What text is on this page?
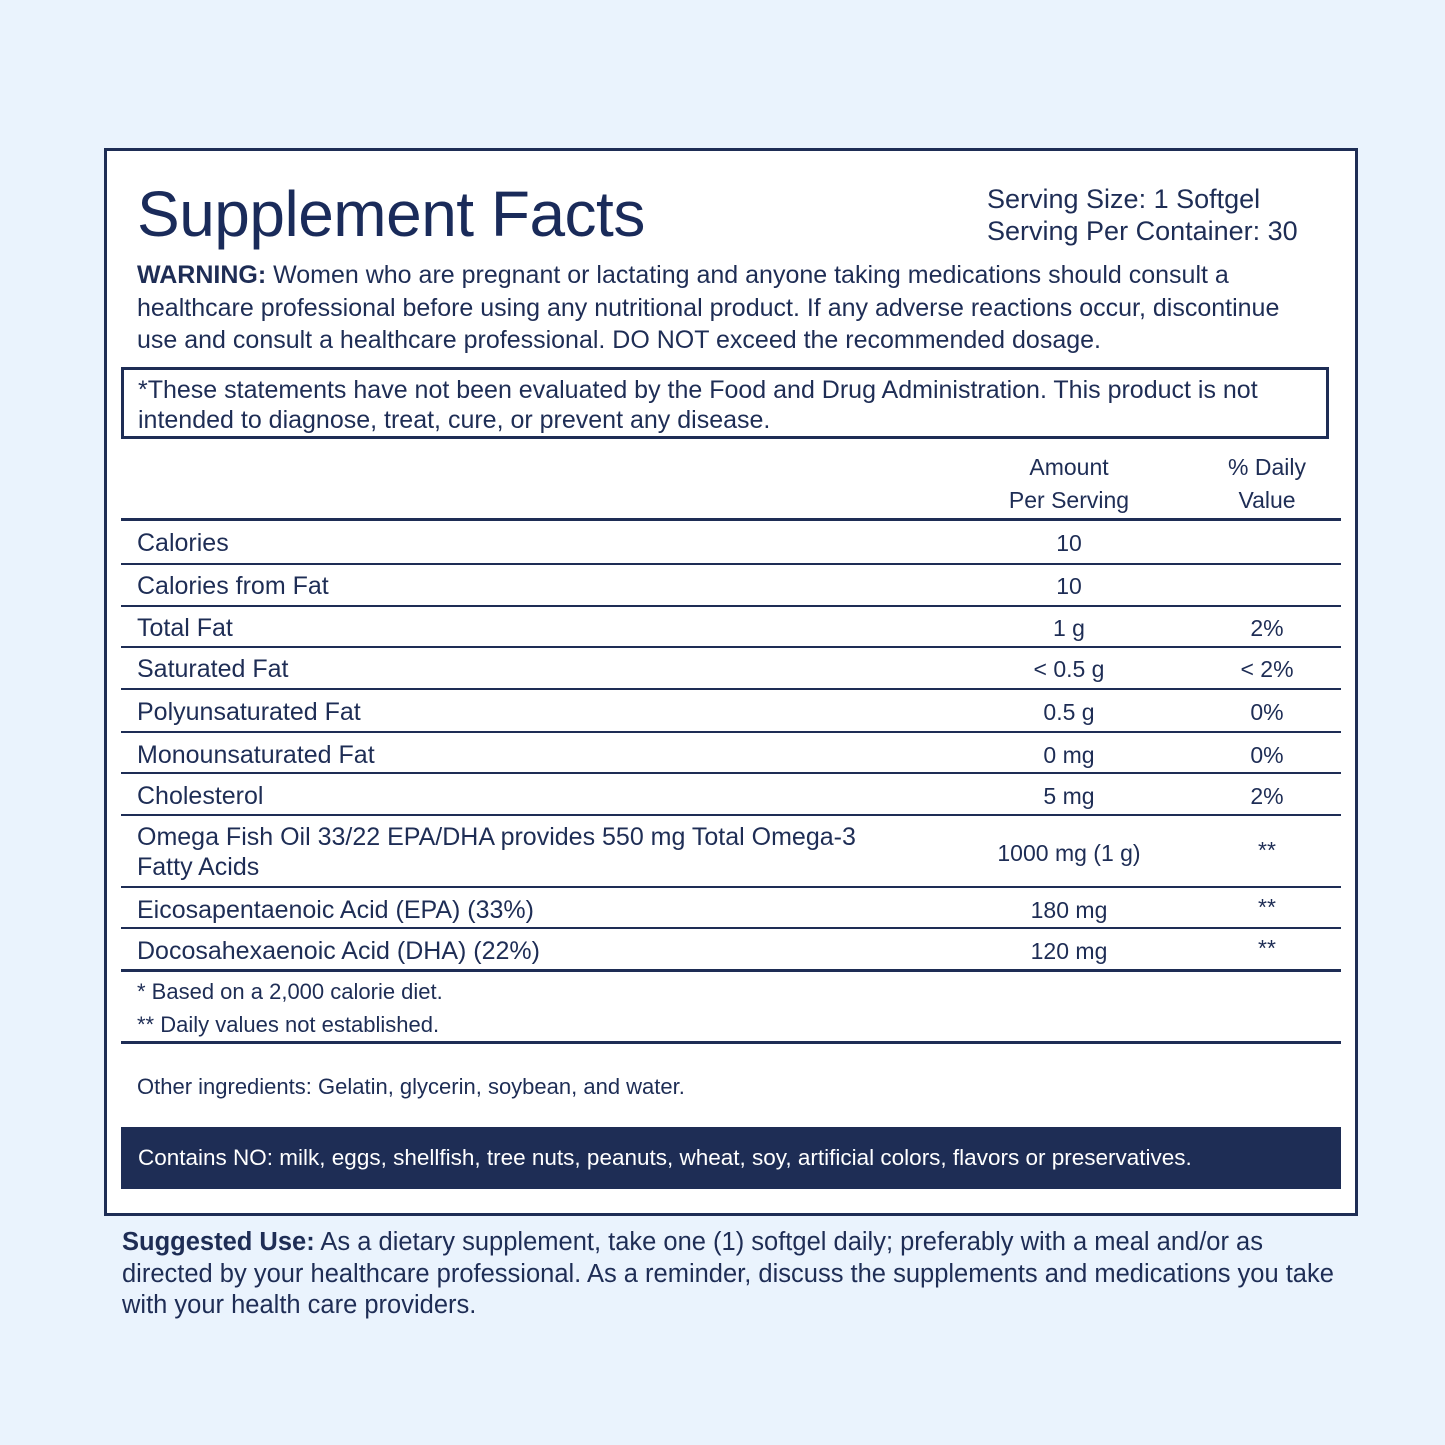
Supplement Facts	Serving Size: 1 Softgel
Serving Per Container: 30

WARNING: Women who are pregnant or lactating and anyone taking medications should consult a healthcare professional before using any nutritional product. If any adverse reactions occur, discontinue use and consult a healthcare professional. DO NOT exceed the recommended dosage.

*These statements have not been evaluated by the Food and Drug Administration. This product is not intended to diagnose, treat, cure, or prevent any disease.

Amount
Per Serving
% Daily
Value
Calories	10
Calories from Fat	10
Total Fat	1 g	2%
Saturated Fat	< 0.5 g	< 2%
Polyunsaturated Fat	0.5 g	0%
Monounsaturated Fat	0 mg	0%
Cholesterol	5 mg	2%
Omega Fish Oil 33/22 EPA/DHA provides 550 mg Total Omega-3
Fatty Acids	1000 mg (1 g)	**
Eicosapentaenoic Acid (EPA) (33%)	180 mg	**
Docosahexaenoic Acid (DHA) (22%)	120 mg	**
* Based on a 2,000 calorie diet.
** Daily values not established.
Other ingredients: Gelatin, glycerin, soybean, and water.
Contains NO: milk, eggs, shellfish, tree nuts, peanuts, wheat, soy, artificial colors, flavors or preservatives.

Suggested Use: As a dietary supplement, take one (1) softgel daily; preferably with a meal and/or as directed by your healthcare professional. As a reminder, discuss the supplements and medications you take with your health care providers.
